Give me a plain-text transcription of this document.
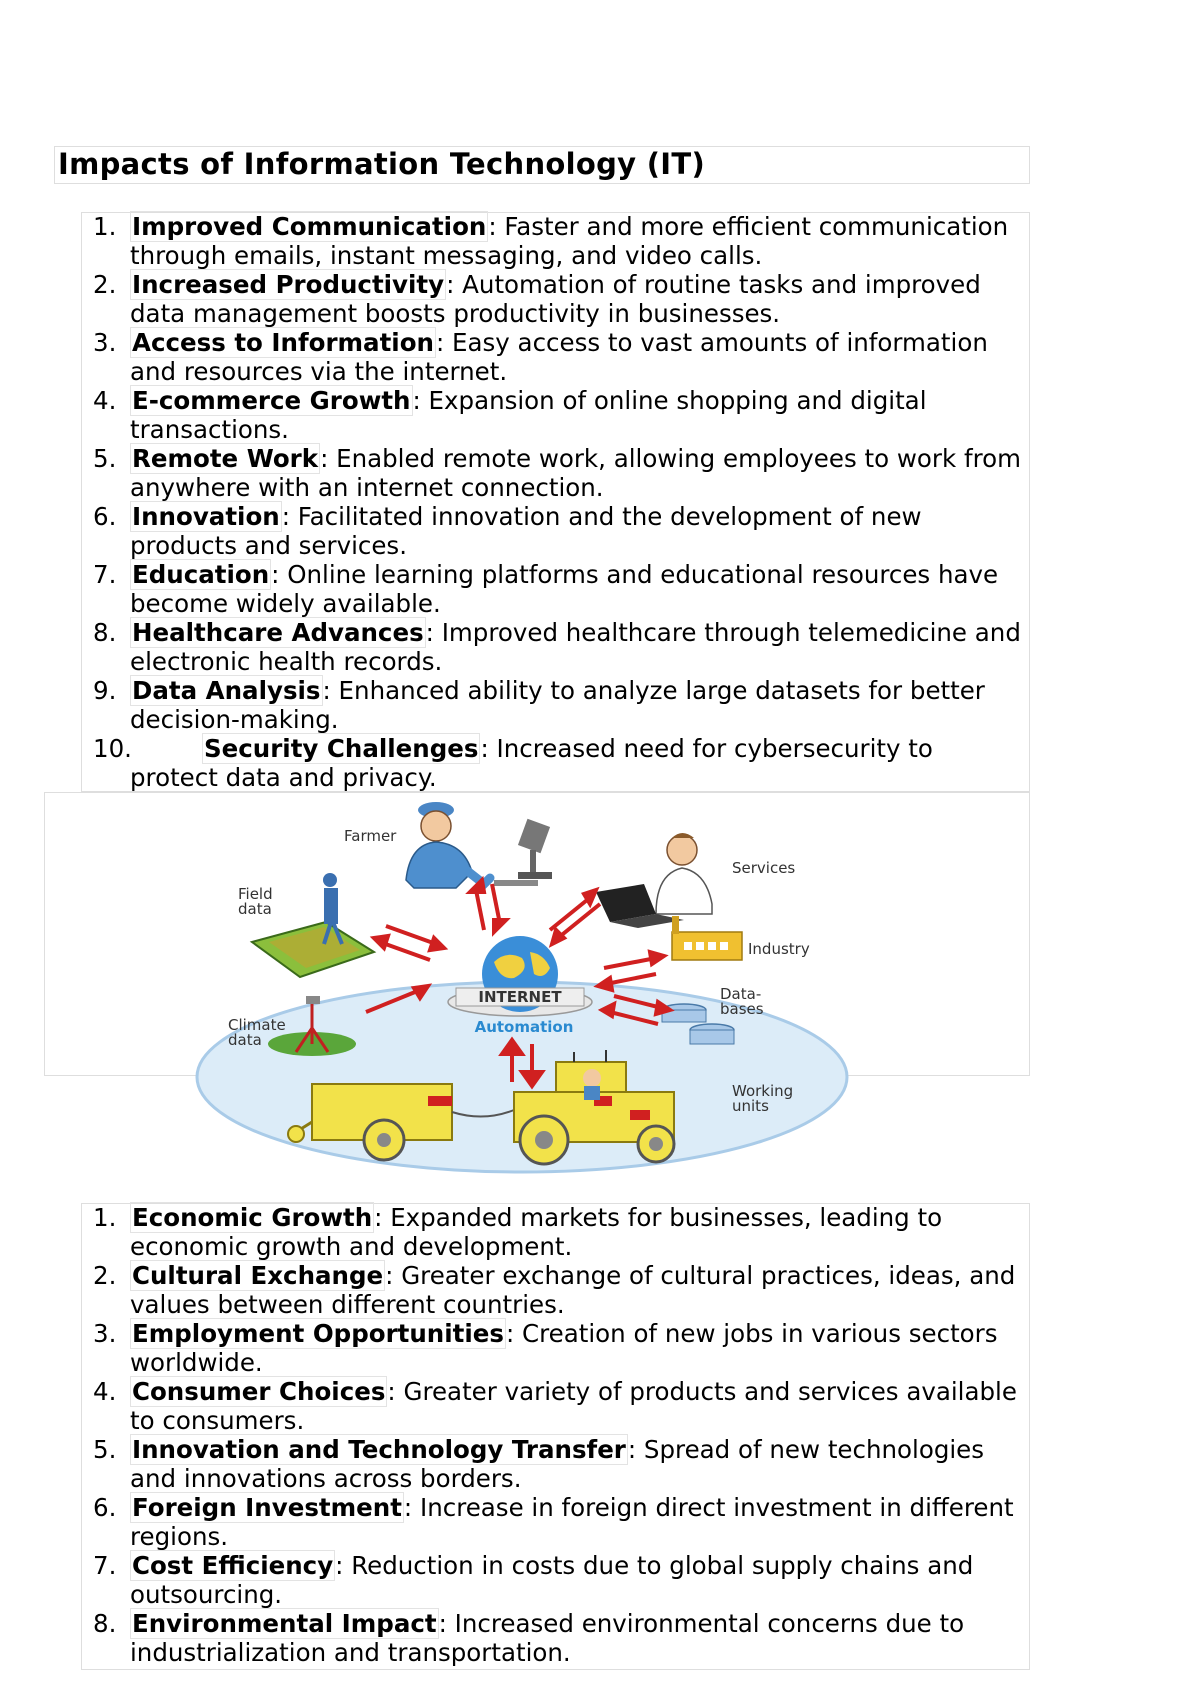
Impacts of Information Technology (IT)
1. Improved Communication: Faster and more efficient communication through emails, instant messaging, and video calls.
2. Increased Productivity: Automation of routine tasks and improved data management boosts productivity in businesses.
3. Access to Information: Easy access to vast amounts of information and resources via the internet.
4. E-commerce Growth: Expansion of online shopping and digital transactions.
5. Remote Work: Enabled remote work, allowing employees to work from anywhere with an internet connection.
6. Innovation: Facilitated innovation and the development of new products and services.
7. Education: Online learning platforms and educational resources have become widely available.
8. Healthcare Advances: Improved healthcare through telemedicine and electronic health records.
9. Data Analysis: Enhanced ability to analyze large datasets for better decision-making.
10.	Security Challenges: Increased need for cybersecurity to protect data and privacy.
Field
data
Farmer
Services
Industry
Data-
bases
INTERNET
Automation
Climate
data
Working
units
1. Economic Growth: Expanded markets for businesses, leading to economic growth and development.
2. Cultural Exchange: Greater exchange of cultural practices, ideas, and values between different countries.
3. Employment Opportunities: Creation of new jobs in various sectors worldwide.
4. Consumer Choices: Greater variety of products and services available to consumers.
5. Innovation and Technology Transfer: Spread of new technologies and innovations across borders.
6. Foreign Investment: Increase in foreign direct investment in different regions.
7. Cost Efficiency: Reduction in costs due to global supply chains and outsourcing.
8. Environmental Impact: Increased environmental concerns due to industrialization and transportation.
